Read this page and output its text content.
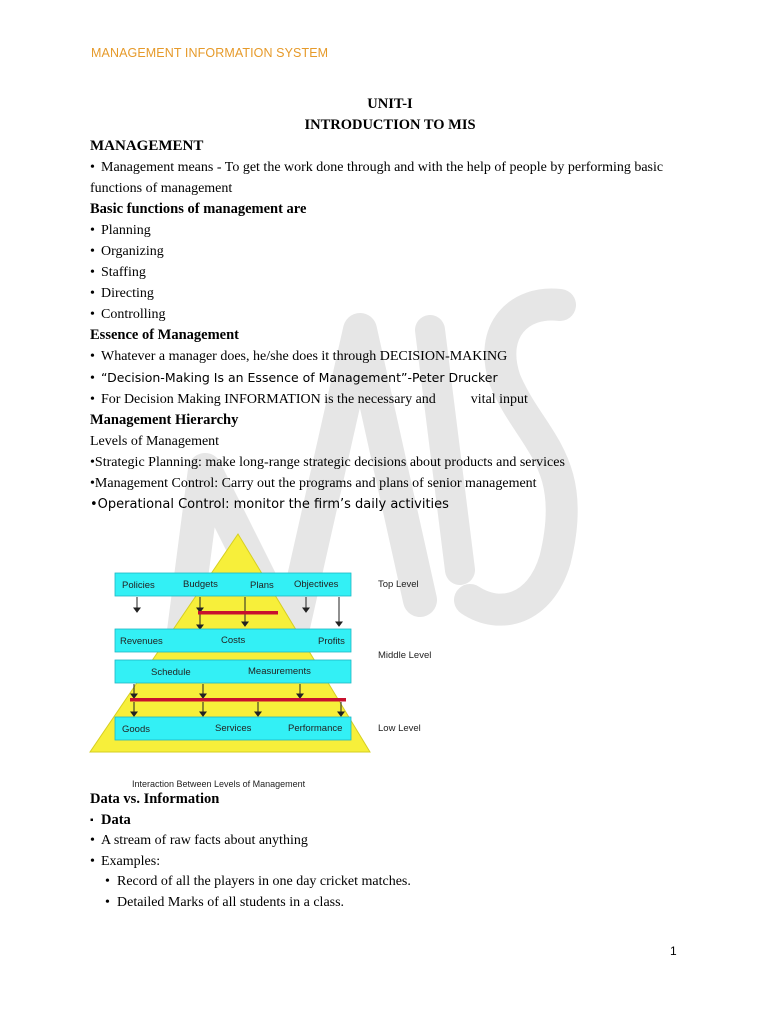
MANAGEMENT INFORMATION SYSTEM
UNIT-I
INTRODUCTION TO MIS
MANAGEMENT
• Management means - To get the work done through and with the help of people by performing basic functions of management
Basic functions of management are
• Planning
• Organizing
• Staffing
• Directing
• Controlling
Essence of Management
• Whatever a manager does, he/she does it through DECISION-MAKING
• “Decision-Making Is an Essence of Management”-Peter Drucker
• For Decision Making INFORMATION is the necessary and          vital input
Management Hierarchy
Levels of Management
•Strategic Planning: make long-range strategic decisions about products and services
•Management Control: Carry out the programs and plans of senior management
•Operational Control: monitor the firm’s daily activities
Policies	Budgets	Plans Objectives
Revenues	Costs	Profits
Schedule	Measurements
Goods	Services	Performance
Top Level
Middle Level
Low Level
Interaction Between Levels of Management
Data vs. Information
▪ Data
• A stream of raw facts about anything
• Examples:
• Record of all the players in one day cricket matches.
• Detailed Marks of all students in a class.
1
